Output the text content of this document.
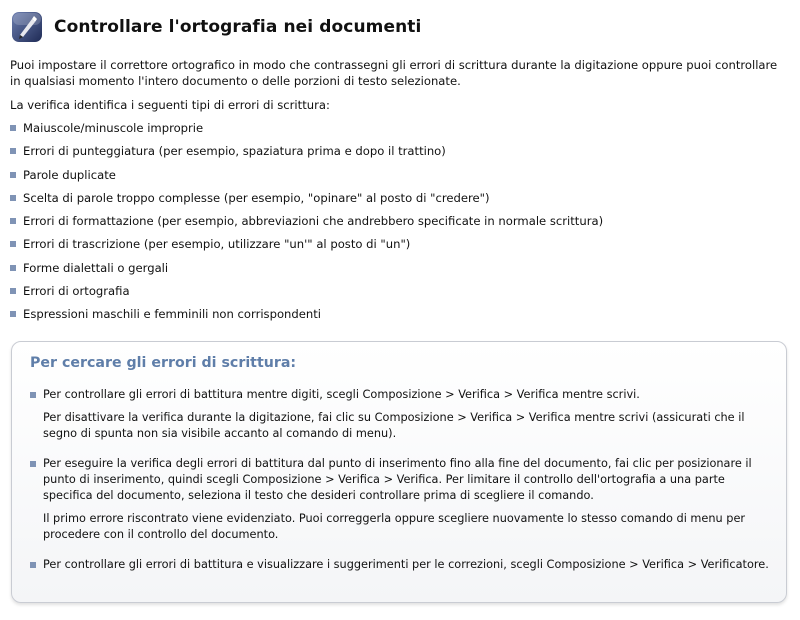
Controllare l'ortografia nei documenti

Puoi impostare il correttore ortografico in modo che contrassegni gli errori di scrittura durante la digitazione oppure puoi controllare in qualsiasi momento l'intero documento o delle porzioni di testo selezionate.

La verifica identifica i seguenti tipi di errori di scrittura:

Maiuscole/minuscole improprie
Errori di punteggiatura (per esempio, spaziatura prima e dopo il trattino)
Parole duplicate
Scelta di parole troppo complesse (per esempio, "opinare" al posto di "credere")
Errori di formattazione (per esempio, abbreviazioni che andrebbero specificate in normale scrittura)
Errori di trascrizione (per esempio, utilizzare "un'" al posto di "un")
Forme dialettali o gergali
Errori di ortografia
Espressioni maschili e femminili non corrispondenti
Per cercare gli errori di scrittura:

Per controllare gli errori di battitura mentre digiti, scegli Composizione > Verifica > Verifica mentre scrivi.

Per disattivare la verifica durante la digitazione, fai clic su Composizione > Verifica > Verifica mentre scrivi (assicurati che il segno di spunta non sia visibile accanto al comando di menu).

Per eseguire la verifica degli errori di battitura dal punto di inserimento fino alla fine del documento, fai clic per posizionare il punto di inserimento, quindi scegli Composizione > Verifica > Verifica. Per limitare il controllo dell'ortografia a una parte specifica del documento, seleziona il testo che desideri controllare prima di scegliere il comando.

Il primo errore riscontrato viene evidenziato. Puoi correggerla oppure scegliere nuovamente lo stesso comando di menu per procedere con il controllo del documento.

Per controllare gli errori di battitura e visualizzare i suggerimenti per le correzioni, scegli Composizione > Verifica > Verificatore.
